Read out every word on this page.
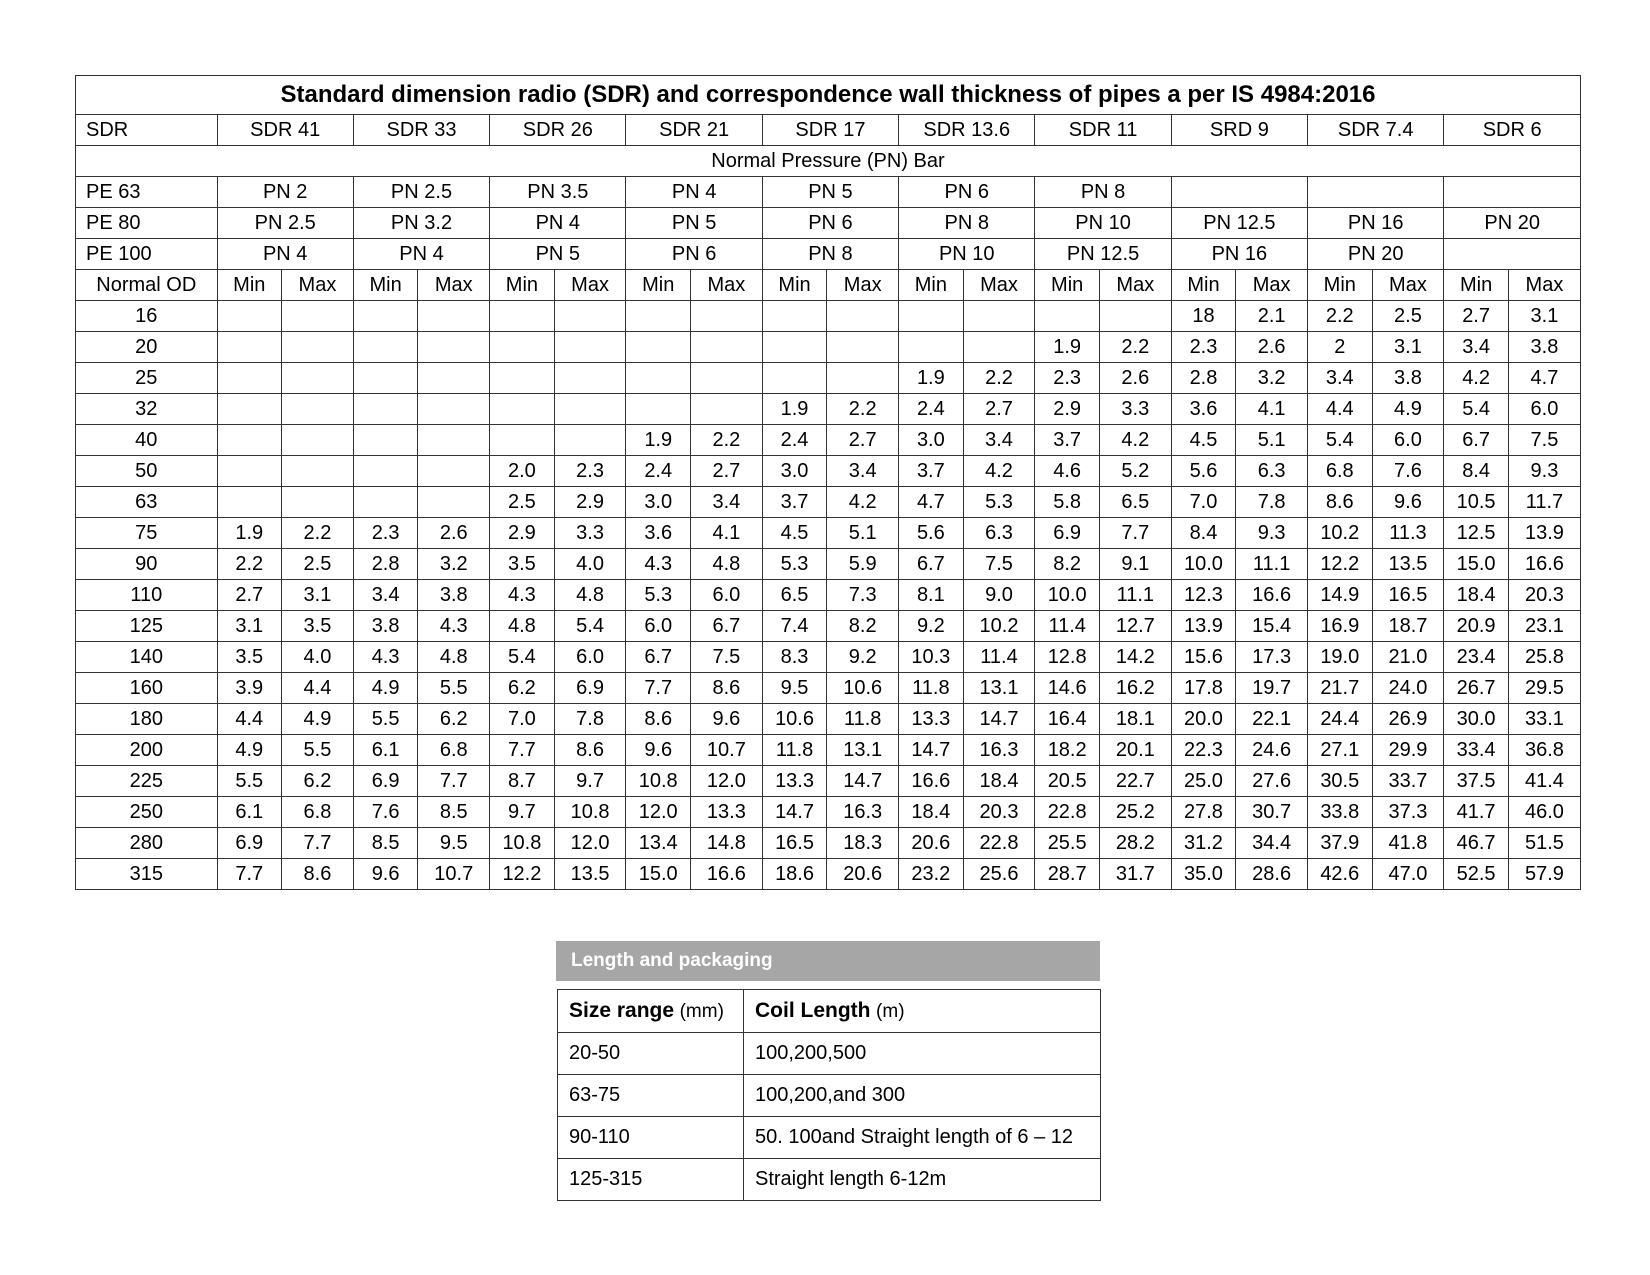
Standard dimension radio (SDR) and correspondence wall thickness of pipes a per IS 4984:2016																				
SDR	SDR 41		SDR 33		SDR 26		SDR 21		SDR 17		SDR 13.6		SDR 11		SRD 9		SDR 7.4		SDR 6	
Normal Pressure (PN) Bar																				
PE 63	PN 2		PN 2.5		PN 3.5		PN 4		PN 5		PN 6		PN 8							
PE 80	PN 2.5		PN 3.2		PN 4		PN 5		PN 6		PN 8		PN 10		PN 12.5		PN 16		PN 20	
PE 100	PN 4		PN 4		PN 5		PN 6		PN 8		PN 10		PN 12.5		PN 16		PN 20			
Normal OD	Min	Max	Min	Max	Min	Max	Min	Max	Min	Max	Min	Max	Min	Max	Min	Max	Min	Max	Min	Max
16															18	2.1	2.2	2.5	2.7	3.1
20													1.9	2.2	2.3	2.6	2	3.1	3.4	3.8
25											1.9	2.2	2.3	2.6	2.8	3.2	3.4	3.8	4.2	4.7
32									1.9	2.2	2.4	2.7	2.9	3.3	3.6	4.1	4.4	4.9	5.4	6.0
40							1.9	2.2	2.4	2.7	3.0	3.4	3.7	4.2	4.5	5.1	5.4	6.0	6.7	7.5
50					2.0	2.3	2.4	2.7	3.0	3.4	3.7	4.2	4.6	5.2	5.6	6.3	6.8	7.6	8.4	9.3
63					2.5	2.9	3.0	3.4	3.7	4.2	4.7	5.3	5.8	6.5	7.0	7.8	8.6	9.6	10.5	11.7
75	1.9	2.2	2.3	2.6	2.9	3.3	3.6	4.1	4.5	5.1	5.6	6.3	6.9	7.7	8.4	9.3	10.2	11.3	12.5	13.9
90	2.2	2.5	2.8	3.2	3.5	4.0	4.3	4.8	5.3	5.9	6.7	7.5	8.2	9.1	10.0	11.1	12.2	13.5	15.0	16.6
110	2.7	3.1	3.4	3.8	4.3	4.8	5.3	6.0	6.5	7.3	8.1	9.0	10.0	11.1	12.3	16.6	14.9	16.5	18.4	20.3
125	3.1	3.5	3.8	4.3	4.8	5.4	6.0	6.7	7.4	8.2	9.2	10.2	11.4	12.7	13.9	15.4	16.9	18.7	20.9	23.1
140	3.5	4.0	4.3	4.8	5.4	6.0	6.7	7.5	8.3	9.2	10.3	11.4	12.8	14.2	15.6	17.3	19.0	21.0	23.4	25.8
160	3.9	4.4	4.9	5.5	6.2	6.9	7.7	8.6	9.5	10.6	11.8	13.1	14.6	16.2	17.8	19.7	21.7	24.0	26.7	29.5
180	4.4	4.9	5.5	6.2	7.0	7.8	8.6	9.6	10.6	11.8	13.3	14.7	16.4	18.1	20.0	22.1	24.4	26.9	30.0	33.1
200	4.9	5.5	6.1	6.8	7.7	8.6	9.6	10.7	11.8	13.1	14.7	16.3	18.2	20.1	22.3	24.6	27.1	29.9	33.4	36.8
225	5.5	6.2	6.9	7.7	8.7	9.7	10.8	12.0	13.3	14.7	16.6	18.4	20.5	22.7	25.0	27.6	30.5	33.7	37.5	41.4
250	6.1	6.8	7.6	8.5	9.7	10.8	12.0	13.3	14.7	16.3	18.4	20.3	22.8	25.2	27.8	30.7	33.8	37.3	41.7	46.0
280	6.9	7.7	8.5	9.5	10.8	12.0	13.4	14.8	16.5	18.3	20.6	22.8	25.5	28.2	31.2	34.4	37.9	41.8	46.7	51.5
315	7.7	8.6	9.6	10.7	12.2	13.5	15.0	16.6	18.6	20.6	23.2	25.6	28.7	31.7	35.0	28.6	42.6	47.0	52.5	57.9
Length and packaging
Size range (mm)	Coil Length (m)
20-50	100,200,500
63-75	100,200,and 300
90-110	50. 100and Straight length of 6 – 12
125-315	Straight length 6-12m
